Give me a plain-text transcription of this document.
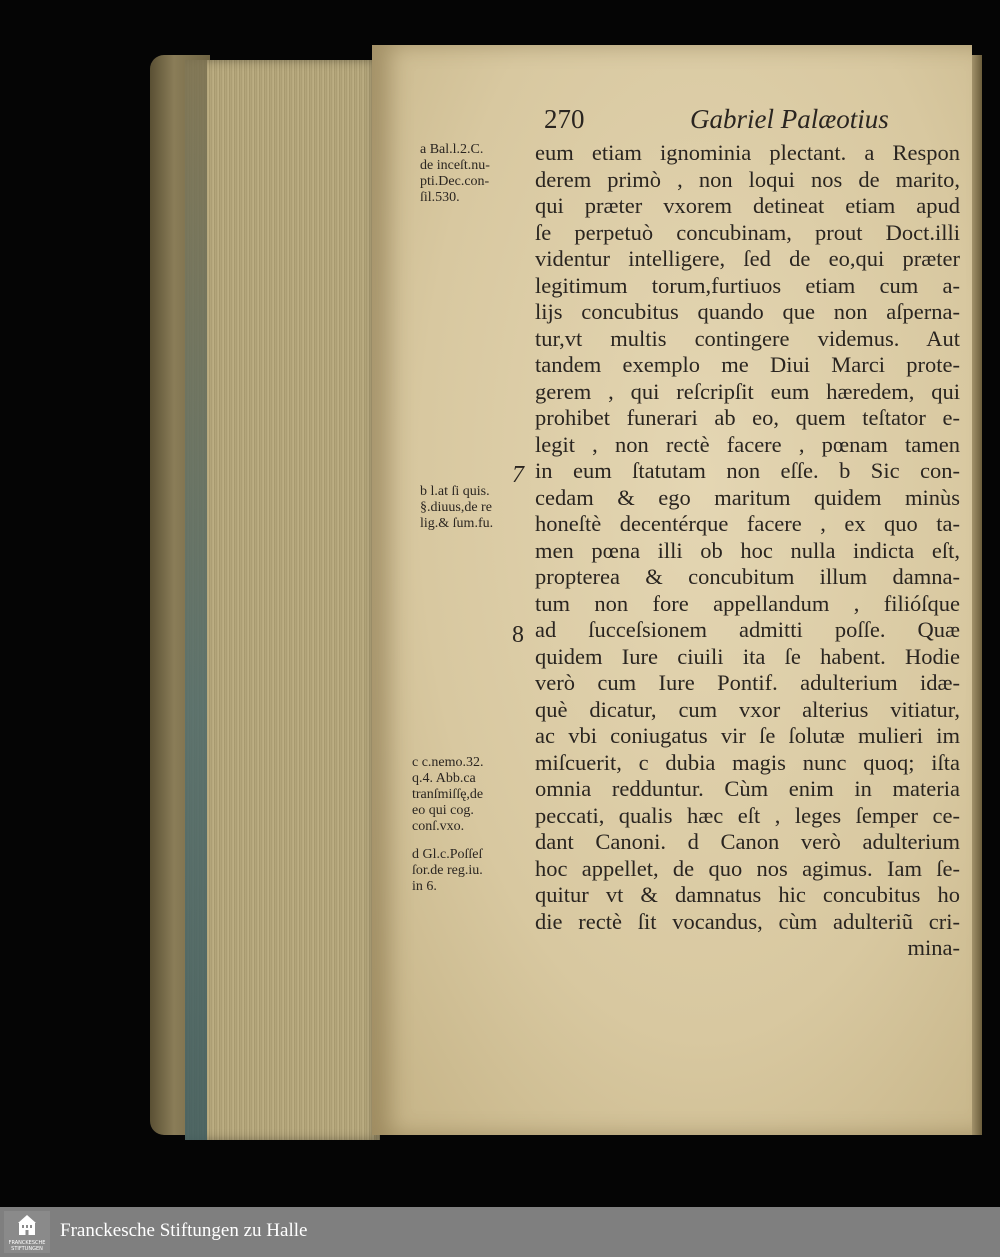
270	Gabriel Palæotius
eum etiam ignominia plectant. a Respon
derem primò , non loqui nos de marito,
qui præter vxorem detineat etiam apud
ſe perpetuò concubinam, prout Doct.illi
videntur intelligere, ſed de eo,qui præter
legitimum torum,furtiuos etiam cum a-
lijs concubitus quando que non aſperna-
tur,vt multis contingere videmus. Aut
tandem exemplo me Diui Marci prote-
gerem , qui reſcripſit eum hæredem, qui
prohibet funerari ab eo, quem teſtator e-
legit , non rectè facere , pœnam tamen
in eum ſtatutam non eſſe. b Sic con-
cedam & ego maritum quidem minùs
honeſtè decentérque facere , ex quo ta-
men pœna illi ob hoc nulla indicta eſt,
propterea & concubitum illum damna-
tum non fore appellandum , filióſque
ad ſucceſsionem admitti poſſe. Quæ
quidem Iure ciuili ita ſe habent. Hodie
verò cum Iure Pontif. adulterium idæ-
què dicatur, cum vxor alterius vitiatur,
ac vbi coniugatus vir ſe ſolutæ mulieri im
miſcuerit, c dubia magis nunc quoq; iſta
omnia redduntur. Cùm enim in materia
peccati, qualis hæc eſt , leges ſemper ce-
dant Canoni. d Canon verò adulterium
hoc appellet, de quo nos agimus. Iam ſe-
quitur vt & damnatus hic concubitus ho
die rectè ſit vocandus, cùm adulteriũ cri-
mina-
a Bal.l.2.C.
de inceſt.nu-
pti.Dec.con-
ſil.530.
7
b l.at ſi quis.
§.diuus,de re
lig.& ſum.fu.
8
c c.nemo.32.
q.4. Abb.ca
tranſmiſſę,de
eo qui cog.
conſ.vxo.
d Gl.c.Poſſeſ
ſor.de reg.iu.
in 6.
FRANCKESCHE STIFTUNGEN
Franckesche Stiftungen zu Halle
